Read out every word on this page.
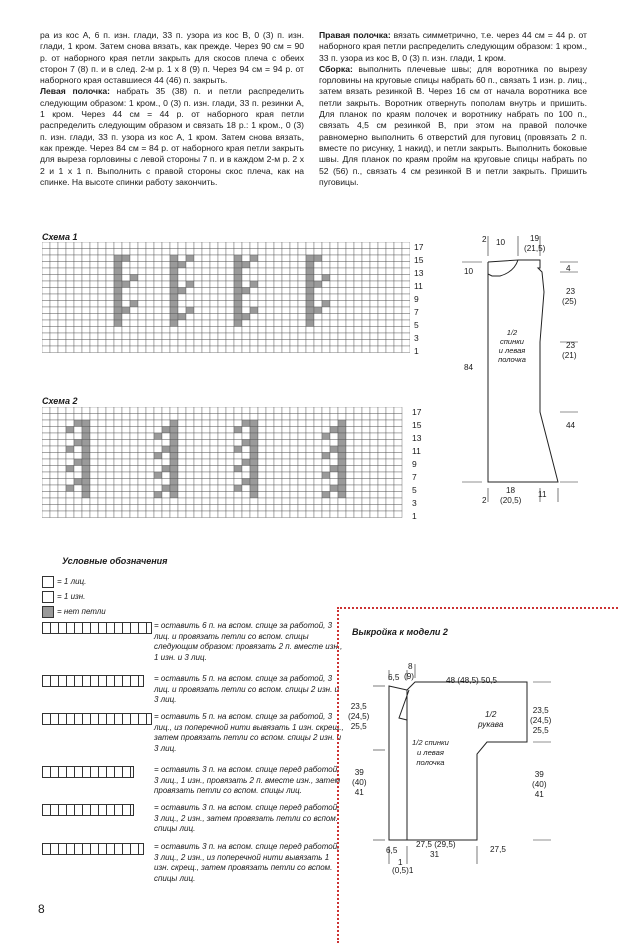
ра из кос А, 6 п. изн. глади, 33 п. узора из кос В, 0 (3) п. изн. глади, 1 кром. Затем снова вязать, как прежде. Через 90 см = 90 р. от наборного края петли закрыть для скосов плеча с обеих сторон 7 (8) п. и в след. 2-м р. 1 х 8 (9) п. Через 94 см = 94 р. от наборного края оставшиеся 44 (46) п. закрыть.

Левая полочка: набрать 35 (38) п. и петли распределить следующим образом: 1 кром., 0 (3) п. изн. глади, 33 п. резинки А, 1 кром. Через 44 см = 44 р. от наборного края петли распределить следующим образом и связать 18 р.: 1 кром., 0 (3) п. изн. глади, 33 п. узора из кос А, 1 кром. Затем снова вязать, как прежде. Через 84 см = 84 р. от наборного края петли закрыть для выреза горловины с левой стороны 7 п. и в каждом 2-м р. 2 х 2 и 1 х 1 п. Выполнить с правой стороны скос плеча, как на спинке. На высоте спинки работу закончить.

Правая полочка: вязать симметрично, т.е. через 44 см = 44 р. от наборного края петли распределить следующим образом: 1 кром., 33 п. узора из кос В, 0 (3) п. изн. глади, 1 кром.

Сборка: выполнить плечевые швы; для воротника по вырезу горловины на круговые спицы набрать 60 п., связать 1 изн. р. лиц., затем вязать резинкой В. Через 16 см от начала воротника все петли закрыть. Воротник отвернуть пополам внутрь и пришить. Для планок по краям полочек и воротнику набрать по 100 п., связать 4,5 см резинкой В, при этом на правой полочке равномерно выполнить 6 отверстий для пуговиц (провязать 2 п. вместе по рисунку, 1 накид), и петли закрыть. Выполнить боковые швы. Для планок по краям пройм на круговые спицы набрать по 52 (56) п., связать 4 см резинкой В и петли закрыть. Пришить пуговицы.

Схема 1
17
15
13
11
9
7
5
3
1
Схема 2
17
15
13
11
9
7
5
3
1
2 10	19
(21,5)
10
84
4
23
(25)
23
(21)
44
1/2
спинки
и левая
полочка
2
18
(20,5)
11
Условные обозначения
= 1 лиц.
= 1 изн.
= нет петли
= оставить 6 п. на вспом. спице за работой, 3 лиц. и провязать петли со вспом. спицы следующим образом: провязать 2 п. вместе изн., 1 изн. и 3 лиц.
= оставить 5 п. на вспом. спице за работой, 3 лиц. и провязать петли со вспом. спицы 2 изн. и 3 лиц.
= оставить 5 п. на вспом. спице за работой, 3 лиц., из поперечной нити вывязать 1 изн. скрещ., затем провязать петли со вспом. спицы 2 изн. и 3 лиц.
= оставить 3 п. на вспом. спице перед работой, 3 лиц., 1 изн., провязать 2 п. вместе изн., затем провязать петли со вспом. спицы лиц.
= оставить 3 п. на вспом. спице перед работой, 3 лиц., 2 изн., затем провязать петли со вспом. спицы лиц.
= оставить 3 п. на вспом. спице перед работой, 3 лиц., 2 изн., из поперечной нити вывязать 1 изн. скрещ., затем провязать петли со вспом. спицы лиц.
Выкройка к модели 2
8
6,5 (9)	48 (48,5) 50,5
23,5
(24,5)
25,5
39
(40)
41
23,5
(24,5)
25,5
39
(40)
41
1/2
рукава
1/2 спинки
и левая
полочка
6,5
27,5 (29,5)
31
27,5
1
(0,5)1
8
